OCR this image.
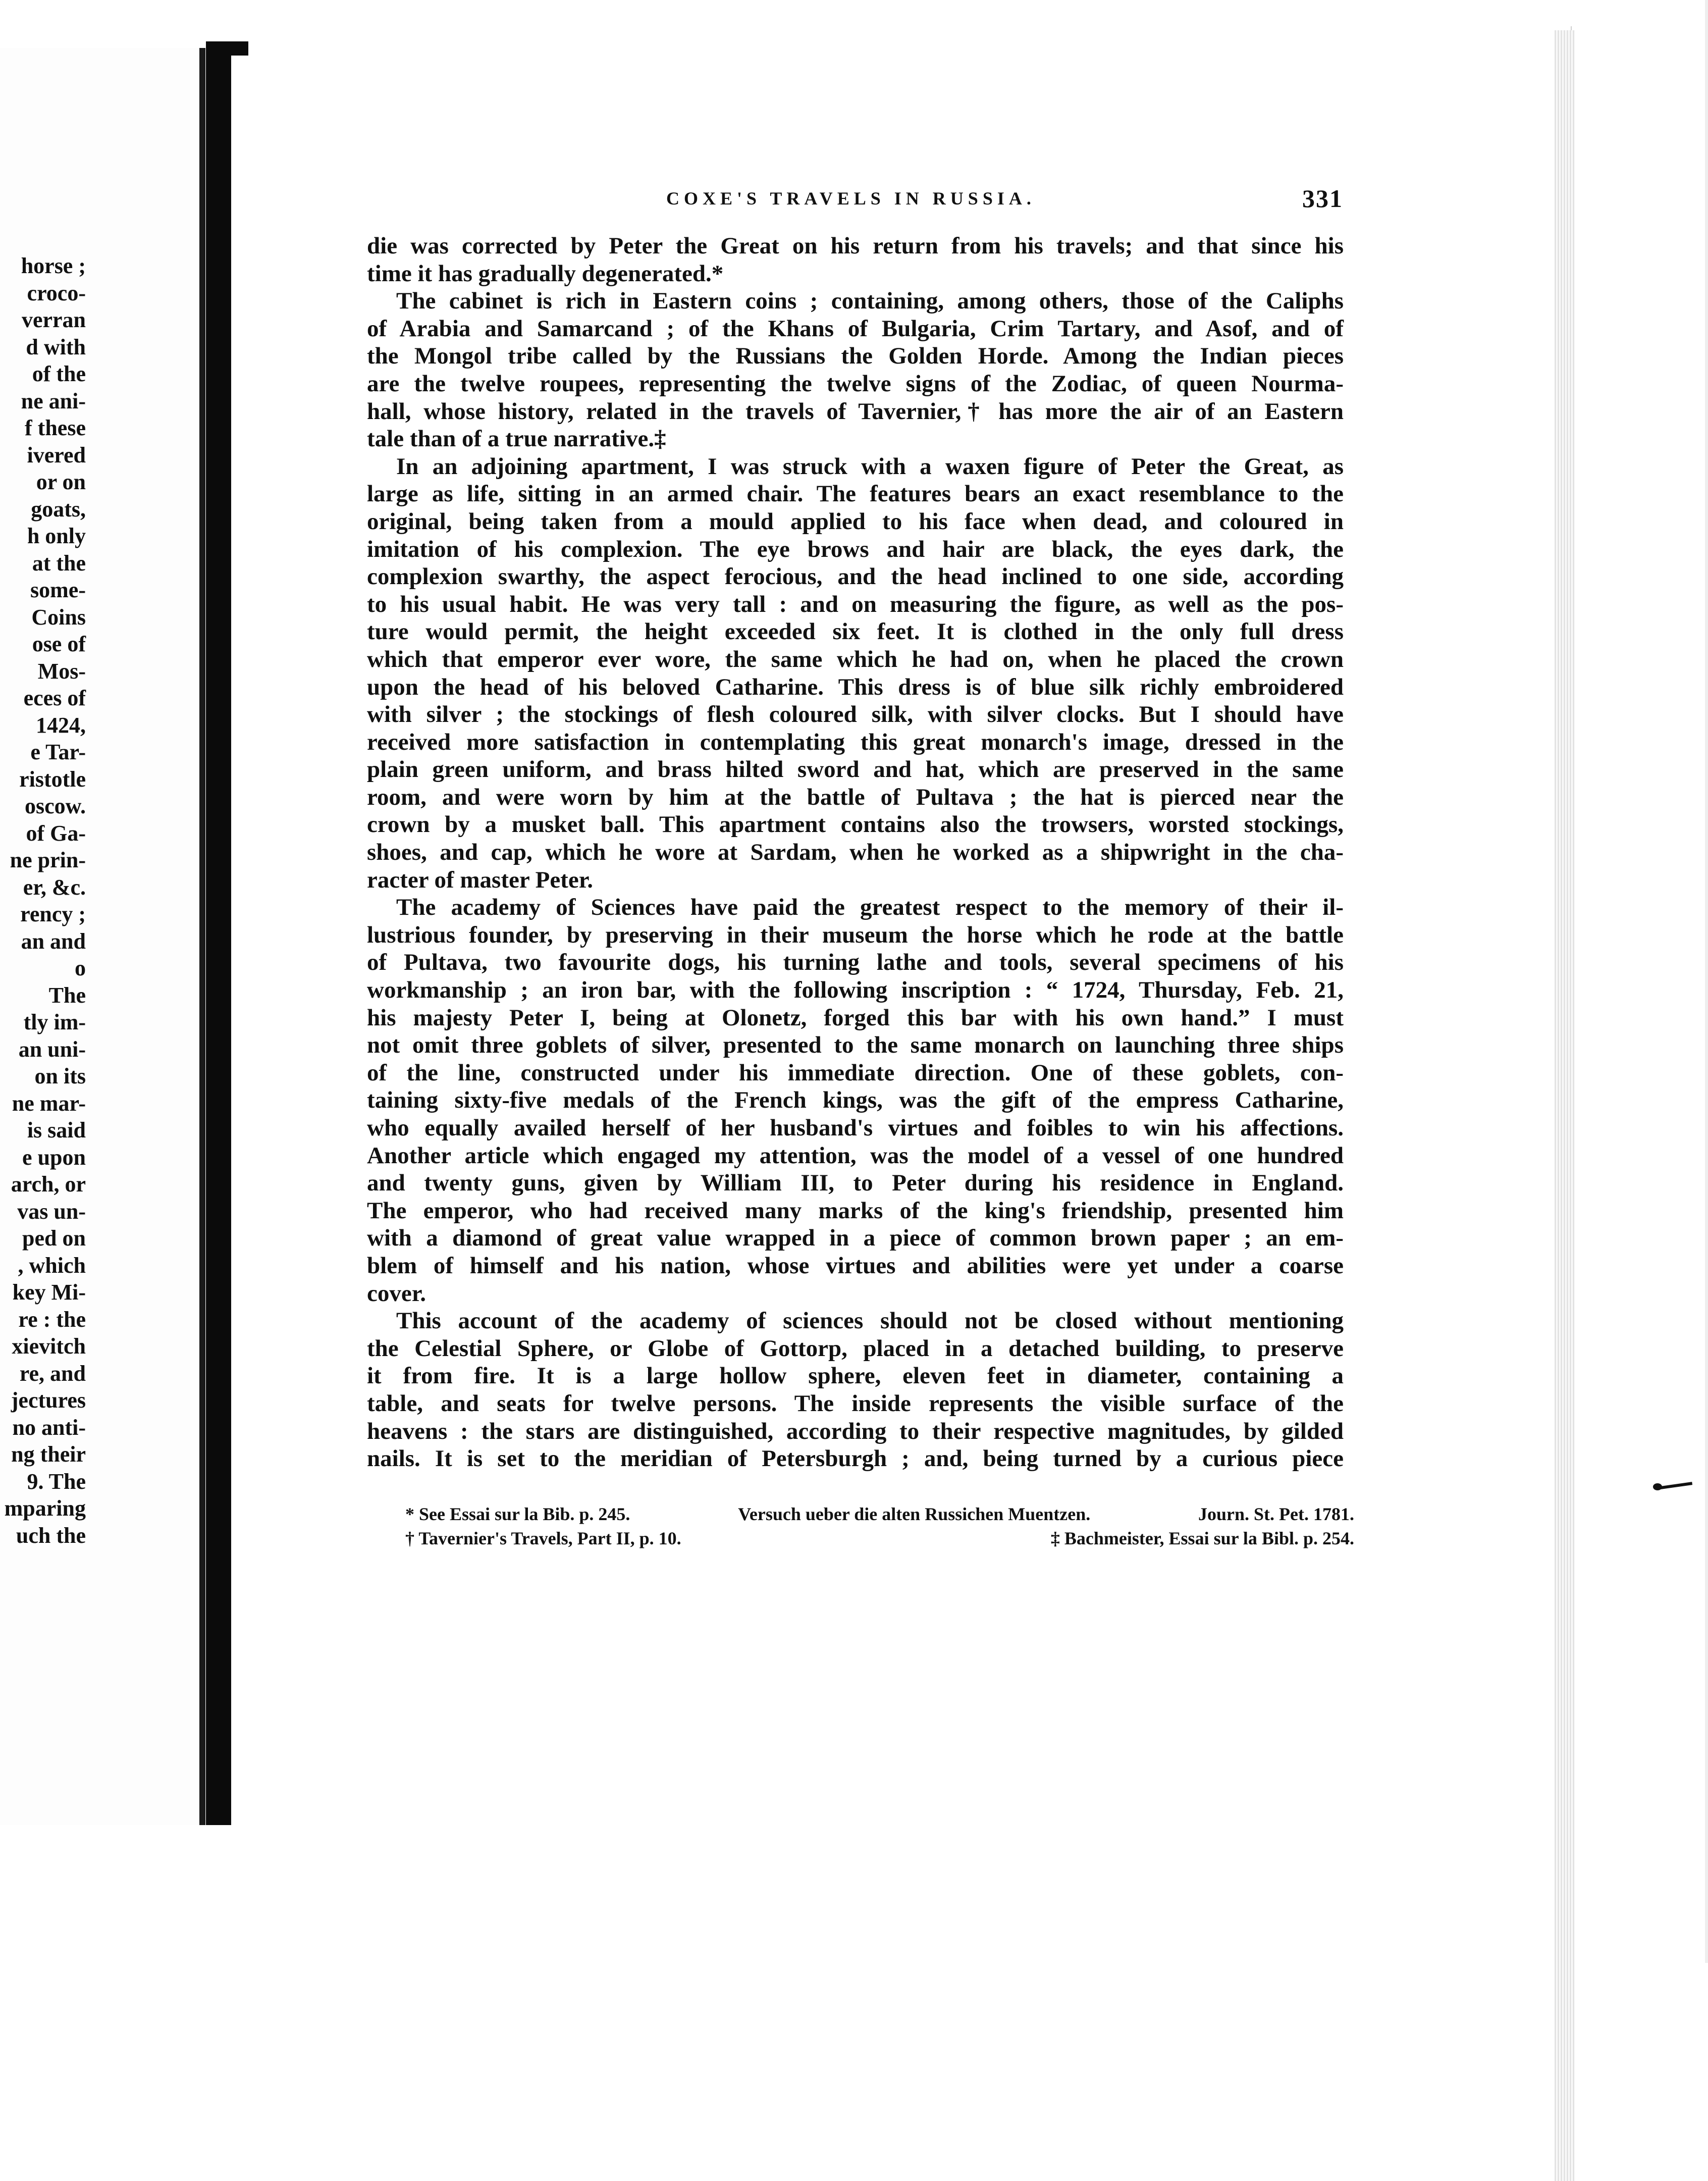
horse ;
croco-
verran
d with
of the
ne ani-
f these
ivered
or on
goats,
h only
at the
some-
Coins
ose of
Mos-
eces of
1424,
e Tar-
ristotle
oscow.
of Ga-
ne prin-
er, &c.
rency ;
an and
o
The
tly im-
an uni-
on its
ne mar-
is said
e upon
arch, or
vas un-
ped on
, which
key Mi-
re : the
xievitch
re, and
jectures
no anti-
ng their
9. The
mparing
uch the
COXE'S TRAVELS IN RUSSIA.	331
die was corrected by Peter the Great on his return from his travels; and that since his
time it has gradually degenerated.*
The cabinet is rich in Eastern coins ; containing, among others, those of the Caliphs
of Arabia and Samarcand ; of the Khans of Bulgaria, Crim Tartary, and Asof, and of
the Mongol tribe called by the Russians the Golden Horde. Among the Indian pieces
are the twelve roupees, representing the twelve signs of the Zodiac, of queen Nourma-
hall, whose history, related in the travels of Tavernier,† has more the air of an Eastern
tale than of a true narrative.‡
In an adjoining apartment, I was struck with a waxen figure of Peter the Great, as
large as life, sitting in an armed chair. The features bears an exact resemblance to the
original, being taken from a mould applied to his face when dead, and coloured in
imitation of his complexion. The eye brows and hair are black, the eyes dark, the
complexion swarthy, the aspect ferocious, and the head inclined to one side, according
to his usual habit. He was very tall : and on measuring the figure, as well as the pos-
ture would permit, the height exceeded six feet. It is clothed in the only full dress
which that emperor ever wore, the same which he had on, when he placed the crown
upon the head of his beloved Catharine. This dress is of blue silk richly embroidered
with silver ; the stockings of flesh coloured silk, with silver clocks. But I should have
received more satisfaction in contemplating this great monarch's image, dressed in the
plain green uniform, and brass hilted sword and hat, which are preserved in the same
room, and were worn by him at the battle of Pultava ; the hat is pierced near the
crown by a musket ball. This apartment contains also the trowsers, worsted stockings,
shoes, and cap, which he wore at Sardam, when he worked as a shipwright in the cha-
racter of master Peter.
The academy of Sciences have paid the greatest respect to the memory of their il-
lustrious founder, by preserving in their museum the horse which he rode at the battle
of Pultava, two favourite dogs, his turning lathe and tools, several specimens of his
workmanship ; an iron bar, with the following inscription : “ 1724, Thursday, Feb. 21,
his majesty Peter I, being at Olonetz, forged this bar with his own hand.” I must
not omit three goblets of silver, presented to the same monarch on launching three ships
of the line, constructed under his immediate direction. One of these goblets, con-
taining sixty-five medals of the French kings, was the gift of the empress Catharine,
who equally availed herself of her husband's virtues and foibles to win his affections.
Another article which engaged my attention, was the model of a vessel of one hundred
and twenty guns, given by William III, to Peter during his residence in England.
The emperor, who had received many marks of the king's friendship, presented him
with a diamond of great value wrapped in a piece of common brown paper ; an em-
blem of himself and his nation, whose virtues and abilities were yet under a coarse
cover.
This account of the academy of sciences should not be closed without mentioning
the Celestial Sphere, or Globe of Gottorp, placed in a detached building, to preserve
it from fire. It is a large hollow sphere, eleven feet in diameter, containing a
table, and seats for twelve persons. The inside represents the visible surface of the
heavens : the stars are distinguished, according to their respective magnitudes, by gilded
nails. It is set to the meridian of Petersburgh ; and, being turned by a curious piece
* See Essai sur la Bib. p. 245.	Versuch ueber die alten Russichen Muentzen.	Journ. St. Pet. 1781.
† Tavernier's Travels, Part II, p. 10.	‡ Bachmeister, Essai sur la Bibl. p. 254.
